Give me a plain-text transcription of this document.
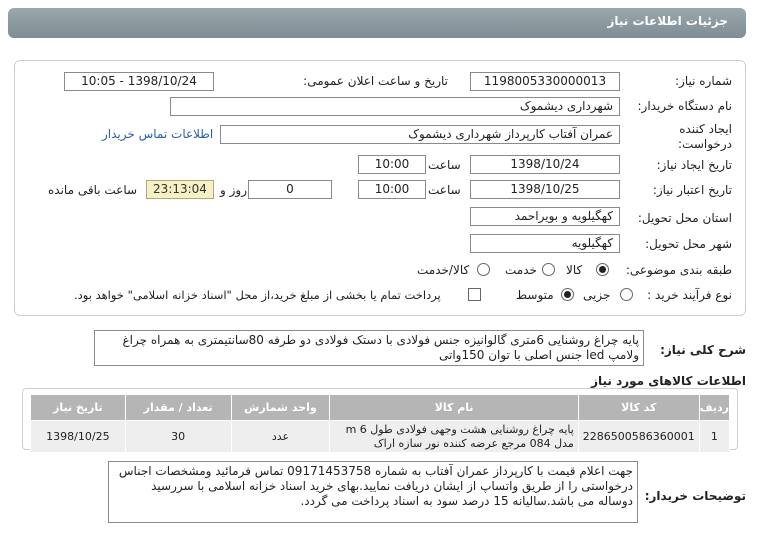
جزئیات اطلاعات نیاز
شماره نیاز:
1198005330000013
تاریخ و ساعت اعلان عمومی:
1398/10/24 - 10:05
نام دستگاه خریدار:
شهرداری دیشموک
ایجاد کننده درخواست:
عمران آفتاب کارپرداز شهرداری دیشموک
اطلاعات تماس خریدار
تاریخ ایجاد نیاز:
1398/10/24
ساعت
10:00
تاریخ اعتبار نیاز:
1398/10/25
ساعت
10:00
0
روز و
23:13:04
ساعت باقی مانده
استان محل تحویل:
کهگیلویه و بویراحمد
شهر محل تحویل:
کهگیلویه
طبقه بندی موضوعی:
کالا
خدمت
کالا/خدمت
نوع فرآیند خرید :
جزیی
متوسط
پرداخت تمام یا بخشی از مبلغ خرید،از محل "اسناد خزانه اسلامی" خواهد بود.
شرح کلی نیاز:
پایه چراغ روشنایی 6متری گالوانیزه جنس فولادی با دستک فولادی دو طرفه 80سانتیمتری به همراه چراغ ولامپ led جنس اصلی با توان 150واتی
اطلاعات کالاهای مورد نیاز
ردیف	کد کالا	نام کالا	واحد شمارش	تعداد / مقدار	تاریخ نیاز
1	2286500586360001	پایه چراغ روشنایی هشت وجهی فولادی طول 6 m مدل 084 مرجع عرضه کننده نور سازه اراک	عدد	30	1398/10/25
توضیحات خریدار:
جهت اعلام قیمت با کارپرداز عمران آفتاب به شماره 09171453758 تماس فرمائید ومشخصات اجناس درخواستی را از طریق واتساپ از ایشان دریافت نمایید.بهای خرید اسناد خزانه اسلامی با سررسید دوساله می باشد.سالیانه 15 درصد سود به اسناد پرداخت می گردد.
